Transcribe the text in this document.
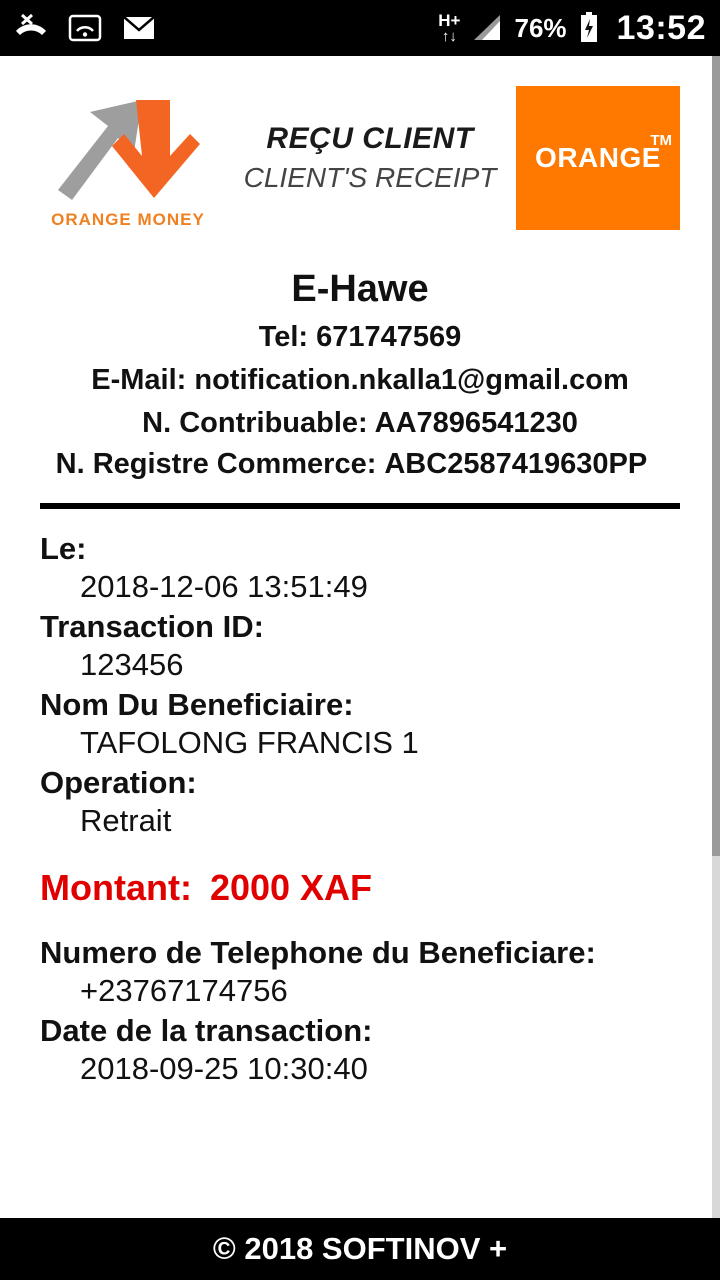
H+
↑↓ 76% 13:52
ORANGE MONEY
REÇU CLIENT
CLIENT'S RECEIPT
ORANGE
TM
E-Hawe
Tel: 671747569
E-Mail: notification.nkalla1@gmail.com
N. Contribuable: AA7896541230
N. Registre Commerce: ABC2587419630PP
Le:
2018-12-06 13:51:49
Transaction ID:
123456
Nom Du Beneficiaire:
TAFOLONG FRANCIS 1
Operation:
Retrait
Montant: 2000 XAF
Numero de Telephone du Beneficiare:
+23767174756
Date de la transaction:
2018-09-25 10:30:40
© 2018 SOFTINOV +
